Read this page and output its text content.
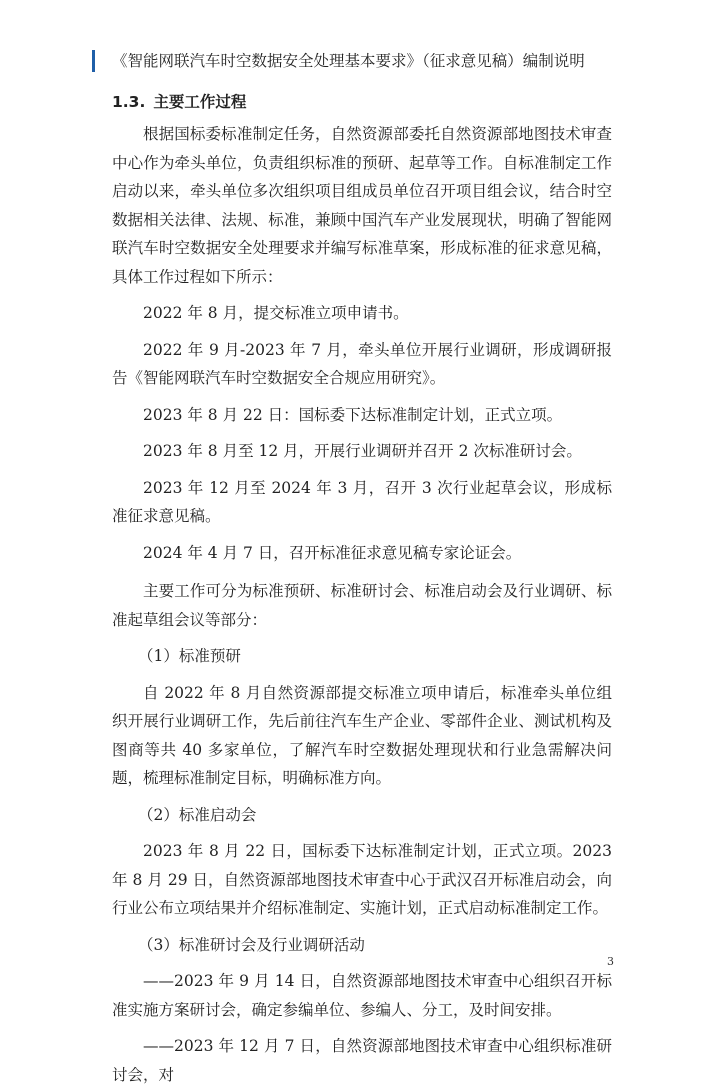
《智能网联汽车时空数据安全处理基本要求》（征求意见稿）编制说明
1.3. 主要工作过程

根据国标委标准制定任务，自然资源部委托自然资源部地图技术审查中心作为牵头单位，负责组织标准的预研、起草等工作。自标准制定工作启动以来，牵头单位多次组织项目组成员单位召开项目组会议，结合时空数据相关法律、法规、标准，兼顾中国汽车产业发展现状，明确了智能网联汽车时空数据安全处理要求并编写标准草案，形成标准的征求意见稿，具体工作过程如下所示：

2022 年 8 月，提交标准立项申请书。

2022 年 9 月-2023 年 7 月，牵头单位开展行业调研，形成调研报告《智能网联汽车时空数据安全合规应用研究》。

2023 年 8 月 22 日：国标委下达标准制定计划，正式立项。

2023 年 8 月至 12 月，开展行业调研并召开 2 次标准研讨会。

2023 年 12 月至 2024 年 3 月，召开 3 次行业起草会议，形成标准征求意见稿。

2024 年 4 月 7 日，召开标准征求意见稿专家论证会。

主要工作可分为标准预研、标准研讨会、标准启动会及行业调研、标准起草组会议等部分：

（1）标准预研

自 2022 年 8 月自然资源部提交标准立项申请后，标准牵头单位组织开展行业调研工作，先后前往汽车生产企业、零部件企业、测试机构及图商等共 40 多家单位，了解汽车时空数据处理现状和行业急需解决问题，梳理标准制定目标，明确标准方向。

（2）标准启动会

2023 年 8 月 22 日，国标委下达标准制定计划，正式立项。2023 年 8 月 29 日，自然资源部地图技术审查中心于武汉召开标准启动会，向行业公布立项结果并介绍标准制定、实施计划，正式启动标准制定工作。

（3）标准研讨会及行业调研活动

——2023 年 9 月 14 日，自然资源部地图技术审查中心组织召开标准实施方案研讨会，确定参编单位、参编人、分工，及时间安排。

——2023 年 12 月 7 日，自然资源部地图技术审查中心组织标准研讨会，对

3
